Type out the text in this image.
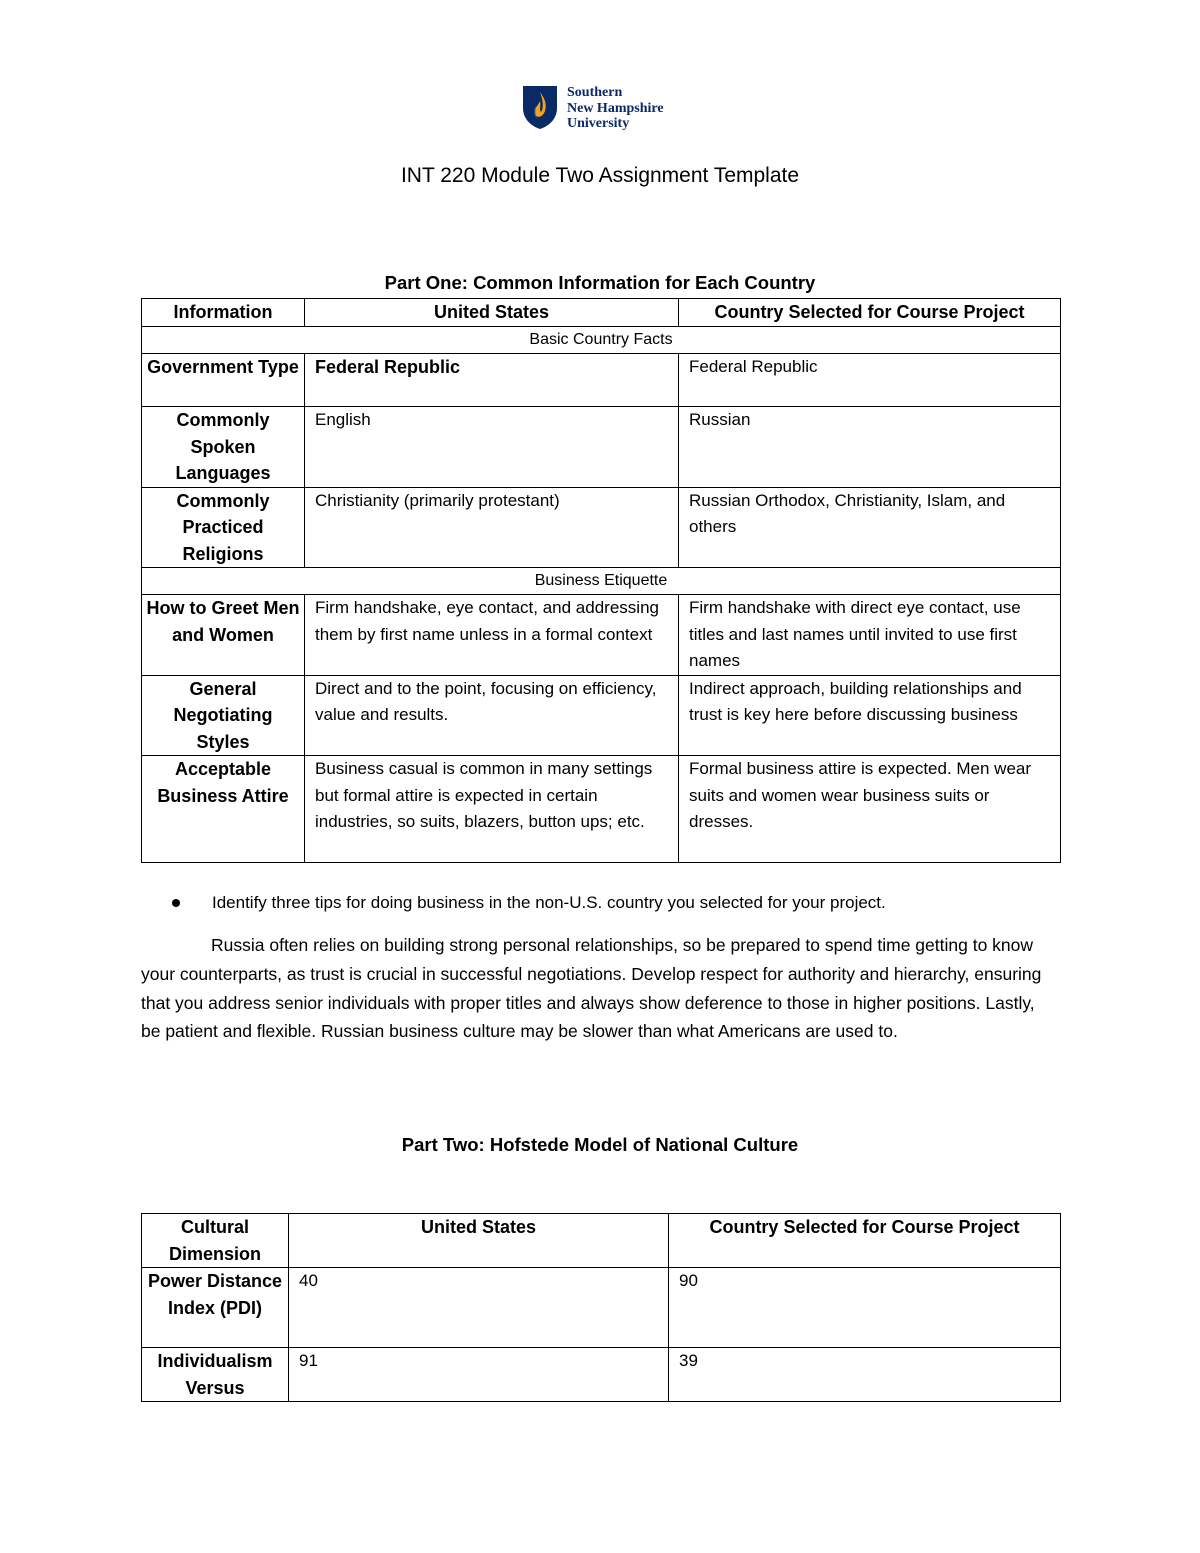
Southern
New Hampshire
University
INT 220 Module Two Assignment Template
Part One: Common Information for Each Country
Information	United States	Country Selected for Course Project
Basic Country Facts		
Government Type	Federal Republic	Federal Republic
Commonly Spoken Languages	English	Russian
Commonly Practiced Religions	Christianity (primarily protestant)	Russian Orthodox, Christianity, Islam, and others
Business Etiquette		
How to Greet Men and Women	Firm handshake, eye contact, and addressing them by first name unless in a formal context	Firm handshake with direct eye contact, use titles and last names until invited to use first names
General Negotiating Styles	Direct and to the point, focusing on efficiency, value and results.	Indirect approach, building relationships and trust is key here before discussing business
Acceptable Business Attire	Business casual is common in many settings but formal attire is expected in certain industries, so suits, blazers, button ups; etc.	Formal business attire is expected. Men wear suits and women wear business suits or dresses.
Identify three tips for doing business in the non-U.S. country you selected for your project.

Russia often relies on building strong personal relationships, so be prepared to spend time getting to know your counterparts, as trust is crucial in successful negotiations. Develop respect for authority and hierarchy, ensuring that you address senior individuals with proper titles and always show deference to those in higher positions. Lastly, be patient and flexible. Russian business culture may be slower than what Americans are used to.

Part Two: Hofstede Model of National Culture
Cultural Dimension	United States	Country Selected for Course Project
Power Distance Index (PDI)	40	90
Individualism Versus	91	39
